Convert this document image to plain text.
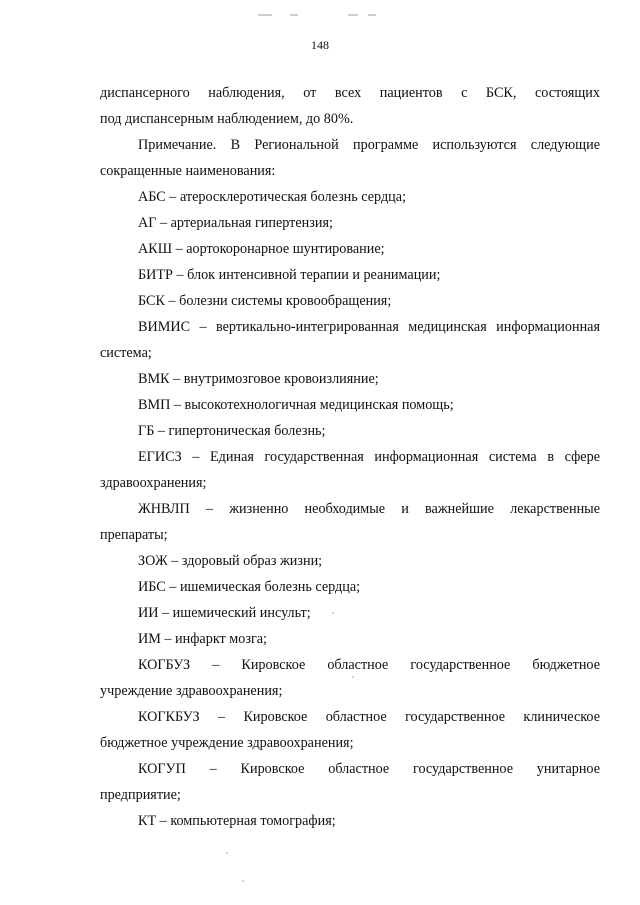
148

диспансерного наблюдения, от всех пациентов с БСК, состоящих
под диспансерным наблюдением, до 80%.

Примечание. В Региональной программе используются следующие
сокращенные наименования:

АБС – атеросклеротическая болезнь сердца;

АГ – артериальная гипертензия;

АКШ – аортокоронарное шунтирование;

БИТР – блок интенсивной терапии и реанимации;

БСК – болезни системы кровообращения;

ВИМИС – вертикально-интегрированная медицинская информационная
система;

ВМК – внутримозговое кровоизлияние;

ВМП – высокотехнологичная медицинская помощь;

ГБ – гипертоническая болезнь;

ЕГИСЗ – Единая государственная информационная система в сфере
здравоохранения;

ЖНВЛП – жизненно необходимые и важнейшие лекарственные
препараты;

ЗОЖ – здоровый образ жизни;

ИБС – ишемическая болезнь сердца;

ИИ – ишемический инсульт;

ИМ – инфаркт мозга;

КОГБУЗ – Кировское областное государственное бюджетное
учреждение здравоохранения;

КОГКБУЗ – Кировское областное государственное клиническое
бюджетное учреждение здравоохранения;

КОГУП – Кировское областное государственное унитарное
предприятие;

КТ – компьютерная томография;
